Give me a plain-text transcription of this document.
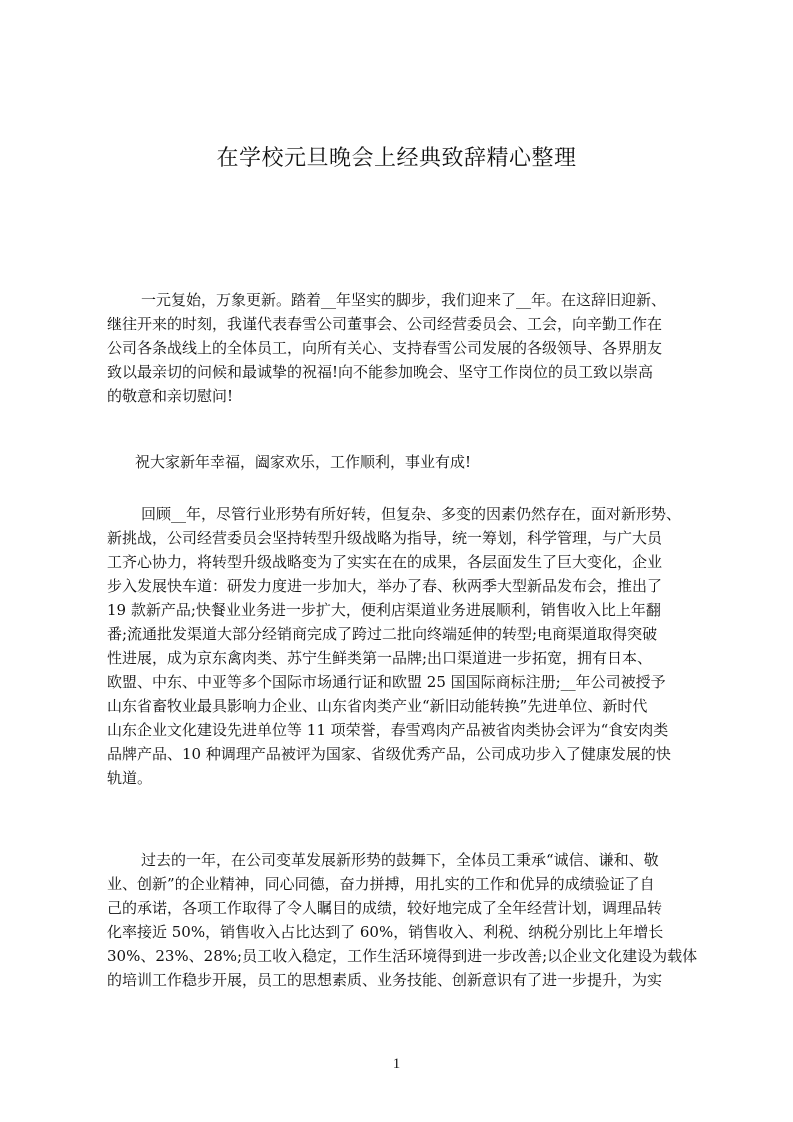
在学校元旦晚会上经典致辞精心整理
一元复始，万象更新。踏着__年坚实的脚步，我们迎来了__年。在这辞旧迎新、
继往开来的时刻，我谨代表春雪公司董事会、公司经营委员会、工会，向辛勤工作在
公司各条战线上的全体员工，向所有关心、支持春雪公司发展的各级领导、各界朋友
致以最亲切的问候和最诚挚的祝福!向不能参加晚会、坚守工作岗位的员工致以崇高
的敬意和亲切慰问!
祝大家新年幸福，阖家欢乐，工作顺利，事业有成!
回顾__年，尽管行业形势有所好转，但复杂、多变的因素仍然存在，面对新形势、
新挑战，公司经营委员会坚持转型升级战略为指导，统一筹划，科学管理，与广大员
工齐心协力，将转型升级战略变为了实实在在的成果，各层面发生了巨大变化，企业
步入发展快车道：研发力度进一步加大，举办了春、秋两季大型新品发布会，推出了
19 款新产品;快餐业业务进一步扩大，便利店渠道业务进展顺利，销售收入比上年翻
番;流通批发渠道大部分经销商完成了跨过二批向终端延伸的转型;电商渠道取得突破
性进展，成为京东禽肉类、苏宁生鲜类第一品牌;出口渠道进一步拓宽，拥有日本、
欧盟、中东、中亚等多个国际市场通行证和欧盟 25 国国际商标注册;__年公司被授予
山东省畜牧业最具影响力企业、山东省肉类产业“新旧动能转换”先进单位、新时代
山东企业文化建设先进单位等 11 项荣誉，春雪鸡肉产品被省肉类协会评为“食安肉类
品牌产品、10 种调理产品被评为国家、省级优秀产品，公司成功步入了健康发展的快
轨道。
过去的一年，在公司变革发展新形势的鼓舞下，全体员工秉承“诚信、谦和、敬
业、创新”的企业精神，同心同德，奋力拼搏，用扎实的工作和优异的成绩验证了自
己的承诺，各项工作取得了令人瞩目的成绩，较好地完成了全年经营计划，调理品转
化率接近 50%，销售收入占比达到了 60%，销售收入、利税、纳税分别比上年增长
30%、23%、28%;员工收入稳定，工作生活环境得到进一步改善;以企业文化建设为载体
的培训工作稳步开展，员工的思想素质、业务技能、创新意识有了进一步提升，为实
1
